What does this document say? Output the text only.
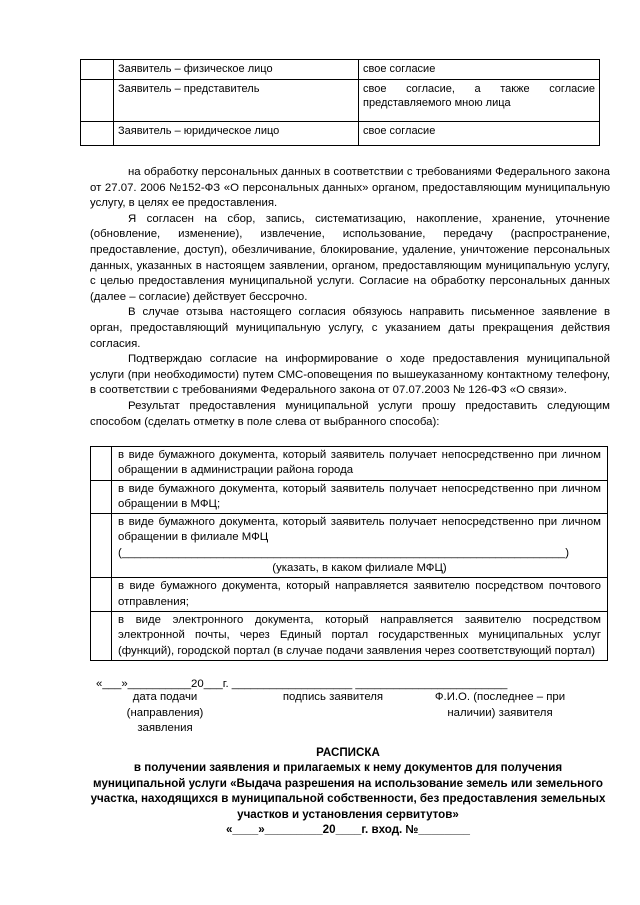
	Заявитель – физическое лицо	свое согласие
	Заявитель – представитель	свое согласие, а также согласие представляемого мною лица
	Заявитель – юридическое лицо	свое согласие

на обработку персональных данных в соответствии с требованиями Федерального закона от 27.07. 2006 №152-ФЗ «О персональных данных» органом, предоставляющим муниципальную услугу, в целях ее предоставления.

Я согласен на сбор, запись, систематизацию, накопление, хранение, уточнение (обновление, изменение), извлечение, использование, передачу (распространение, предоставление, доступ), обезличивание, блокирование, удаление, уничтожение персональных данных, указанных в настоящем заявлении, органом, предоставляющим муниципальную услугу, с целью предоставления муниципальной услуги. Согласие на обработку персональных данных (далее – согласие) действует бессрочно.

В случае отзыва настоящего согласия обязуюсь направить письменное заявление в орган, предоставляющий муниципальную услугу, с указанием даты прекращения действия согласия.

Подтверждаю согласие на информирование о ходе предоставления муниципальной услуги (при необходимости) путем СМС-оповещения по вышеуказанному контактному телефону, в соответствии с требованиями Федерального закона от 07.07.2003 № 126-ФЗ «О связи».

Результат предоставления муниципальной услуги прошу предоставить следующим способом (сделать отметку в поле слева от выбранного способа):

	в виде бумажного документа, который заявитель получает непосредственно при личном обращении в администрации района города
	в виде бумажного документа, который заявитель получает непосредственно при личном обращении в МФЦ;
	в виде бумажного документа, который заявитель получает непосредственно при личном обращении в филиале МФЦ
(______________________________________________________________________)
(указать, в каком филиале МФЦ)

	в виде бумажного документа, который направляется заявителю посредством почтового отправления;
	в виде электронного документа, который направляется заявителю посредством электронной почты, через Единый портал государственных муниципальных услуг (функций), городской портал (в случае подачи заявления через соответствующий портал)
«___»__________20___г. ___________________ ________________________
дата подачи (направления) заявления
подпись заявителя	Ф.И.О. (последнее – при наличии) заявителя
РАСПИСКА
в получении заявления и прилагаемых к нему документов для получения муниципальной услуги «Выдача разрешения на использование земель или земельного участка, находящихся в муниципальной собственности, без предоставления земельных участков и установления сервитутов»
«____»_________20____г. вход. №________
